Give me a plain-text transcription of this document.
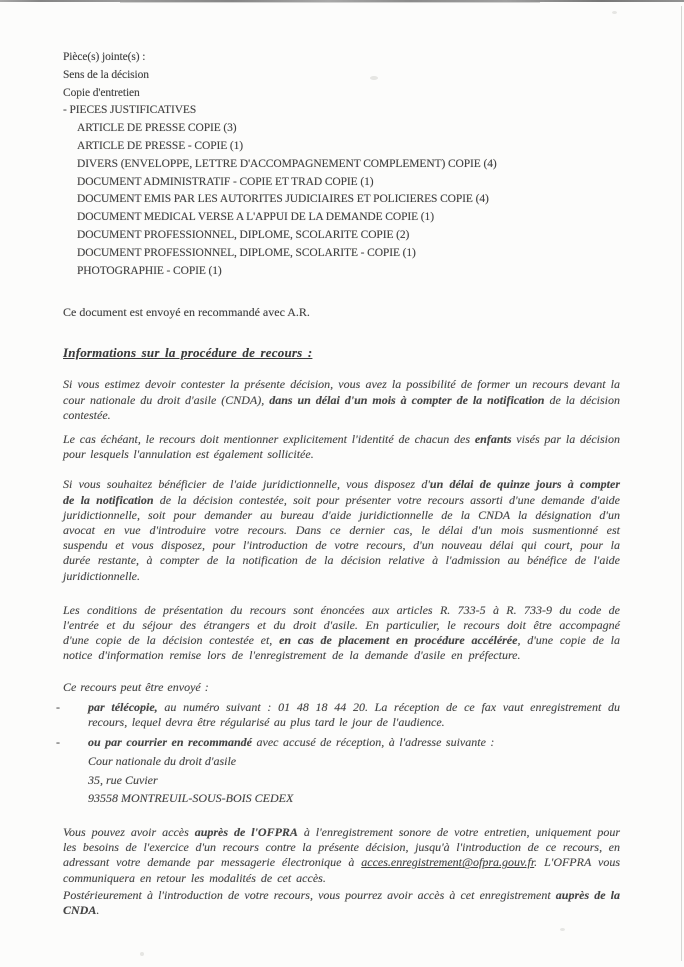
Pièce(s) jointe(s) :
Sens de la décision
Copie d'entretien
- PIECES JUSTIFICATIVES
ARTICLE DE PRESSE COPIE (3)
ARTICLE DE PRESSE - COPIE (1)
DIVERS (ENVELOPPE, LETTRE D'ACCOMPAGNEMENT COMPLEMENT) COPIE (4)
DOCUMENT ADMINISTRATIF - COPIE ET TRAD COPIE (1)
DOCUMENT EMIS PAR LES AUTORITES JUDICIAIRES ET POLICIERES COPIE (4)
DOCUMENT MEDICAL VERSE A L'APPUI DE LA DEMANDE COPIE (1)
DOCUMENT PROFESSIONNEL, DIPLOME, SCOLARITE COPIE (2)
DOCUMENT PROFESSIONNEL, DIPLOME, SCOLARITE - COPIE (1)
PHOTOGRAPHIE - COPIE (1)

Ce document est envoyé en recommandé avec A.R.

Informations sur la procédure de recours :

Si vous estimez devoir contester la présente décision, vous avez la possibilité de former un recours devant la cour nationale du droit d'asile (CNDA), dans un délai d'un mois à compter de la notification de la décision contestée.

Le cas échéant, le recours doit mentionner explicitement l'identité de chacun des enfants visés par la décision pour lesquels l'annulation est également sollicitée.

Si vous souhaitez bénéficier de l'aide juridictionnelle, vous disposez d'un délai de quinze jours à compter de la notification de la décision contestée, soit pour présenter votre recours assorti d'une demande d'aide juridictionnelle, soit pour demander au bureau d'aide juridictionnelle de la CNDA la désignation d'un avocat en vue d'introduire votre recours. Dans ce dernier cas, le délai d'un mois susmentionné est suspendu et vous disposez, pour l'introduction de votre recours, d'un nouveau délai qui court, pour la durée restante, à compter de la notification de la décision relative à l'admission au bénéfice de l'aide juridictionnelle.

Les conditions de présentation du recours sont énoncées aux articles R. 733-5 à R. 733-9 du code de l'entrée et du séjour des étrangers et du droit d'asile. En particulier, le recours doit être accompagné d'une copie de la décision contestée et, en cas de placement en procédure accélérée, d'une copie de la notice d'information remise lors de l'enregistrement de la demande d'asile en préfecture.

Ce recours peut être envoyé :

-	par télécopie, au numéro suivant : 01 48 18 44 20. La réception de ce fax vaut enregistrement du recours, lequel devra être régularisé au plus tard le jour de l'audience.

-	ou par courrier en recommandé avec accusé de réception, à l'adresse suivante :

Cour nationale du droit d'asile
35, rue Cuvier
93558 MONTREUIL-SOUS-BOIS CEDEX

Vous pouvez avoir accès auprès de l'OFPRA à l'enregistrement sonore de votre entretien, uniquement pour les besoins de l'exercice d'un recours contre la présente décision, jusqu'à l'introduction de ce recours, en adressant votre demande par messagerie électronique à acces.enregistrement@ofpra.gouv.fr. L'OFPRA vous communiquera en retour les modalités de cet accès.

Postérieurement à l'introduction de votre recours, vous pourrez avoir accès à cet enregistrement auprès de la CNDA.
